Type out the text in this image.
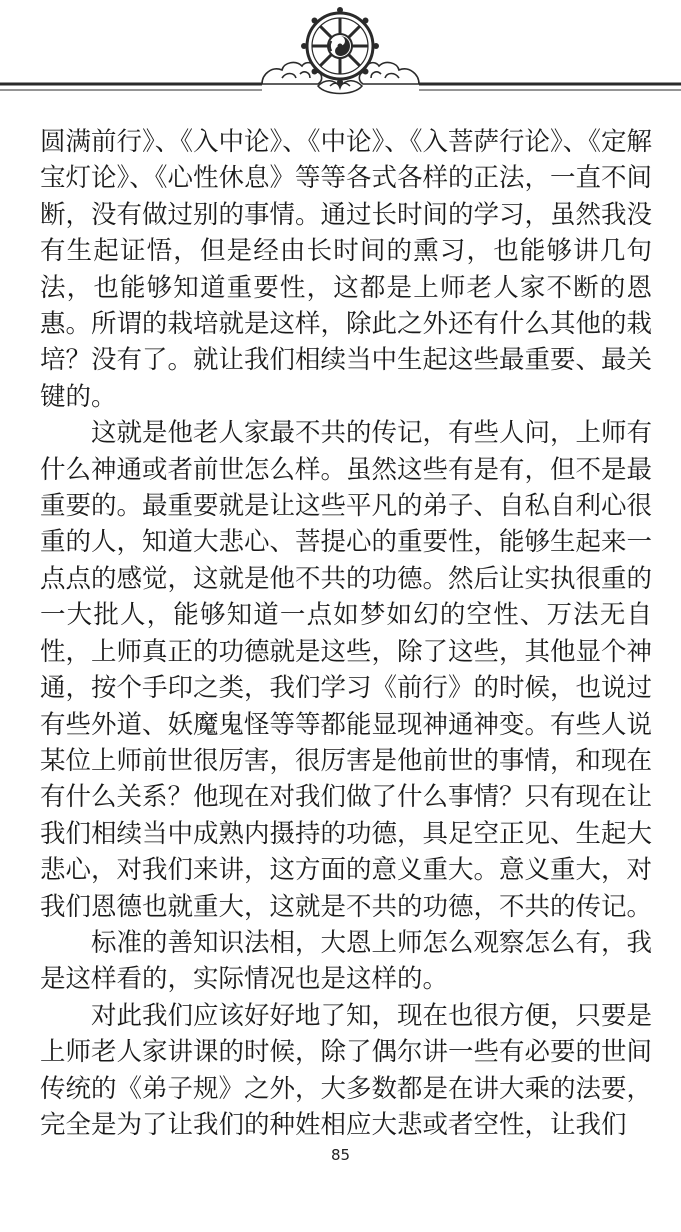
圆满前行》、《入中论》、《中论》、《入菩萨行论》、《定解宝灯论》、《心性休息》等等各式各样的正法，一直不间断，没有做过别的事情。通过长时间的学习，虽然我没有生起证悟，但是经由长时间的熏习，也能够讲几句法，也能够知道重要性，这都是上师老人家不断的恩惠。所谓的栽培就是这样，除此之外还有什么其他的栽培？没有了。就让我们相续当中生起这些最重要、最关键的。

这就是他老人家最不共的传记，有些人问，上师有什么神通或者前世怎么样。虽然这些有是有，但不是最重要的。最重要就是让这些平凡的弟子、自私自利心很重的人，知道大悲心、菩提心的重要性，能够生起来一点点的感觉，这就是他不共的功德。然后让实执很重的一大批人，能够知道一点如梦如幻的空性、万法无自性，上师真正的功德就是这些，除了这些，其他显个神通，按个手印之类，我们学习《前行》的时候，也说过有些外道、妖魔鬼怪等等都能显现神通神变。有些人说某位上师前世很厉害，很厉害是他前世的事情，和现在有什么关系？他现在对我们做了什么事情？只有现在让我们相续当中成熟内摄持的功德，具足空正见、生起大悲心，对我们来讲，这方面的意义重大。意义重大，对我们恩德也就重大，这就是不共的功德，不共的传记。

标准的善知识法相，大恩上师怎么观察怎么有，我是这样看的，实际情况也是这样的。

对此我们应该好好地了知，现在也很方便，只要是上师老人家讲课的时候，除了偶尔讲一些有必要的世间传统的《弟子规》之外，大多数都是在讲大乘的法要，完全是为了让我们的种姓相应大悲或者空性，让我们

85
